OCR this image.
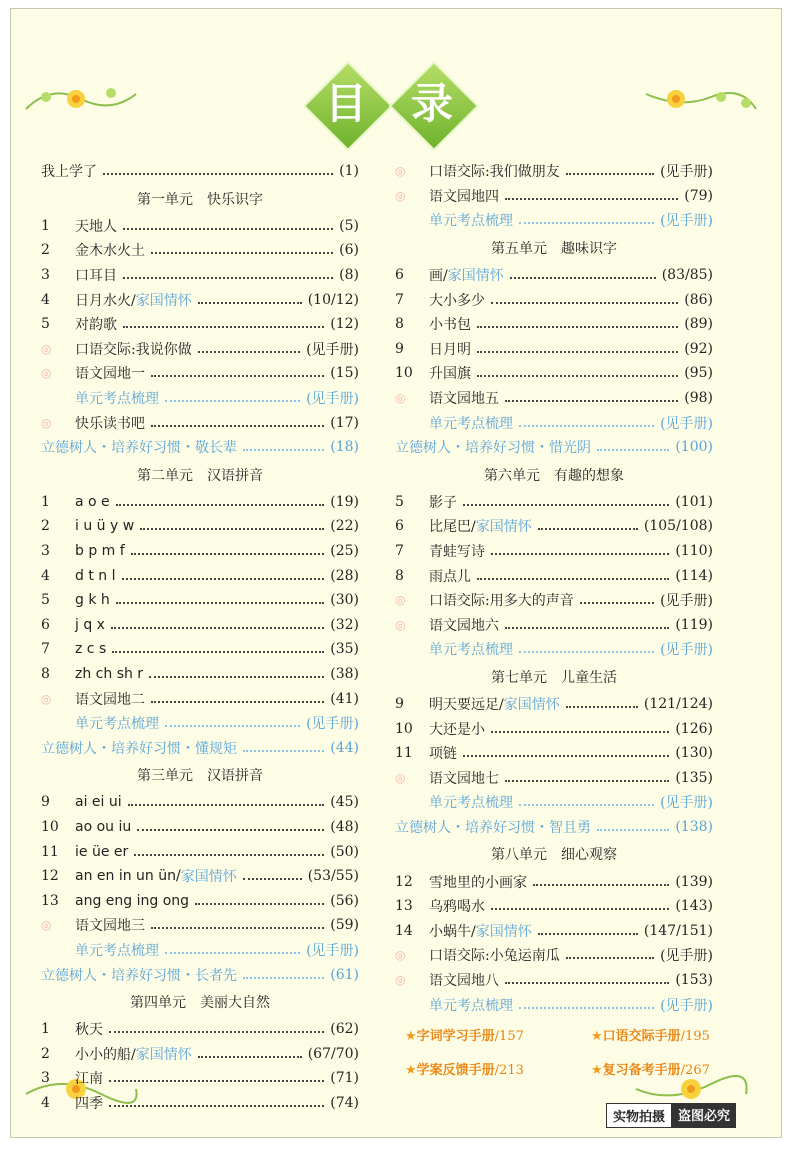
目	录
我上学了	(1)
第一单元　快乐识字
1	天地人	(5)
2	金木水火土	(6)
3	口耳目	(8)
4	日月水火/ 家国情怀	(10/12)
5	对韵歌	(12)
◎
口语交际:我说你做	(见手册)
◎
语文园地一	(15)
单元考点梳理	(见手册)
◎
快乐读书吧	(17)
立德树人・培养好习惯・敬长辈	(18)
第二单元　汉语拼音
1	a o e	(19)
2	i u ü y w	(22)
3	b p m f	(25)
4	d t n l	(28)
5	g k h	(30)
6	j q x	(32)
7	z c s	(35)
8	zh ch sh r	(38)
◎
语文园地二	(41)
单元考点梳理	(见手册)
立德树人・培养好习惯・懂规矩	(44)
第三单元　汉语拼音
9	ai ei ui	(45)
10	ao ou iu	(48)
11	ie üe er	(50)
12	an en in un ün/ 家国情怀	(53/55)
13	ang eng ing ong	(56)
◎
语文园地三	(59)
单元考点梳理	(见手册)
立德树人・培养好习惯・长者先	(61)
第四单元　美丽大自然
1	秋天	(62)
2	小小的船/ 家国情怀	(67/70)
3	江南	(71)
4	四季	(74)
◎
口语交际:我们做朋友	(见手册)
◎
语文园地四	(79)
单元考点梳理	(见手册)
第五单元　趣味识字
6	画/ 家国情怀	(83/85)
7	大小多少	(86)
8	小书包	(89)
9	日月明	(92)
10	升国旗	(95)
◎
语文园地五	(98)
单元考点梳理	(见手册)
立德树人・培养好习惯・惜光阴	(100)
第六单元　有趣的想象
5	影子	(101)
6	比尾巴/ 家国情怀	(105/108)
7	青蛙写诗	(110)
8	雨点儿	(114)
◎
口语交际:用多大的声音	(见手册)
◎
语文园地六	(119)
单元考点梳理	(见手册)
第七单元　儿童生活
9	明天要远足/ 家国情怀	(121/124)
10	大还是小	(126)
11	项链	(130)
◎
语文园地七	(135)
单元考点梳理	(见手册)
立德树人・培养好习惯・智且勇	(138)
第八单元　细心观察
12	雪地里的小画家	(139)
13	乌鸦喝水	(143)
14	小蜗牛/ 家国情怀	(147/151)
◎
口语交际:小兔运南瓜	(见手册)
◎
语文园地八	(153)
单元考点梳理	(见手册)
★字词学习手册/157	★口语交际手册/195
★学案反馈手册/213	★复习备考手册/267
实物拍摄	盗图必究
